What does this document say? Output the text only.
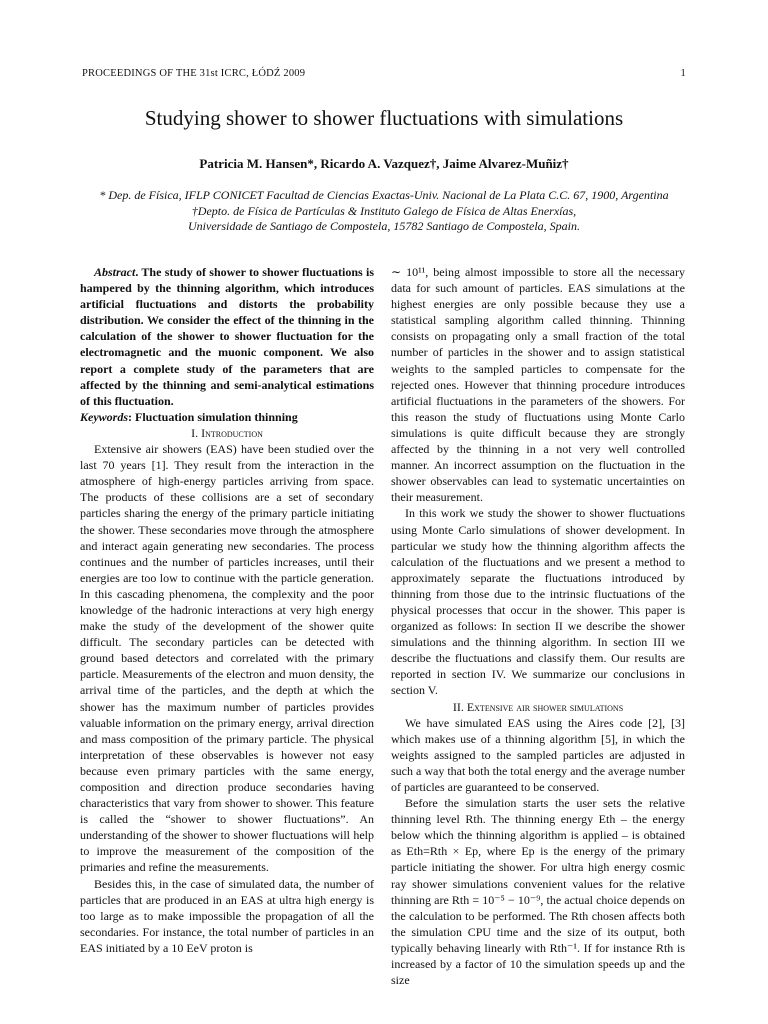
PROCEEDINGS OF THE 31st ICRC, ŁÓDŹ 2009	1
Studying shower to shower fluctuations with simulations
Patricia M. Hansen*, Ricardo A. Vazquez†, Jaime Alvarez-Muñiz†
* Dep. de Física, IFLP CONICET Facultad de Ciencias Exactas-Univ. Nacional de La Plata C.C. 67, 1900, Argentina
†Depto. de Física de Partículas & Instituto Galego de Física de Altas Enerxías,
Universidade de Santiago de Compostela, 15782 Santiago de Compostela, Spain.

Abstract. The study of shower to shower fluctuations is hampered by the thinning algorithm, which introduces artificial fluctuations and distorts the probability distribution. We consider the effect of the thinning in the calculation of the shower to shower fluctuation for the electromagnetic and the muonic component. We also report a complete study of the parameters that are affected by the thinning and semi-analytical estimations of this fluctuation.

Keywords: Fluctuation simulation thinning

I. Introduction

Extensive air showers (EAS) have been studied over the last 70 years [1]. They result from the interaction in the atmosphere of high-energy particles arriving from space. The products of these collisions are a set of secondary particles sharing the energy of the primary particle initiating the shower. These secondaries move through the atmosphere and interact again generating new secondaries. The process continues and the number of particles increases, until their energies are too low to continue with the particle generation. In this cascading phenomena, the complexity and the poor knowledge of the hadronic interactions at very high energy make the study of the development of the shower quite difficult. The secondary particles can be detected with ground based detectors and correlated with the primary particle. Measurements of the electron and muon density, the arrival time of the particles, and the depth at which the shower has the maximum number of particles provides valuable information on the primary energy, arrival direction and mass composition of the primary particle. The physical interpretation of these observables is however not easy because even primary particles with the same energy, composition and direction produce secondaries having characteristics that vary from shower to shower. This feature is called the “shower to shower fluctuations”. An understanding of the shower to shower fluctuations will help to improve the measurement of the composition of the primaries and refine the measurements.

Besides this, in the case of simulated data, the number of particles that are produced in an EAS at ultra high energy is too large as to make impossible the propagation of all the secondaries. For instance, the total number of particles in an EAS initiated by a 10 EeV proton is

∼ 10¹¹, being almost impossible to store all the necessary data for such amount of particles. EAS simulations at the highest energies are only possible because they use a statistical sampling algorithm called thinning. Thinning consists on propagating only a small fraction of the total number of particles in the shower and to assign statistical weights to the sampled particles to compensate for the rejected ones. However that thinning procedure introduces artificial fluctuations in the parameters of the showers. For this reason the study of fluctuations using Monte Carlo simulations is quite difficult because they are strongly affected by the thinning in a not very well controlled manner. An incorrect assumption on the fluctuation in the shower observables can lead to systematic uncertainties on their measurement.

In this work we study the shower to shower fluctuations using Monte Carlo simulations of shower development. In particular we study how the thinning algorithm affects the calculation of the fluctuations and we present a method to approximately separate the fluctuations introduced by thinning from those due to the intrinsic fluctuations of the physical processes that occur in the shower. This paper is organized as follows: In section II we describe the shower simulations and the thinning algorithm. In section III we describe the fluctuations and classify them. Our results are reported in section IV. We summarize our conclusions in section V.

II. Extensive air shower simulations

We have simulated EAS using the Aires code [2], [3] which makes use of a thinning algorithm [5], in which the weights assigned to the sampled particles are adjusted in such a way that both the total energy and the average number of particles are guaranteed to be conserved.

Before the simulation starts the user sets the relative thinning level Rth. The thinning energy Eth – the energy below which the thinning algorithm is applied – is obtained as Eth=Rth × Ep, where Ep is the energy of the primary particle initiating the shower. For ultra high energy cosmic ray shower simulations convenient values for the relative thinning are Rth = 10⁻⁵ − 10⁻⁹, the actual choice depends on the calculation to be performed. The Rth chosen affects both the simulation CPU time and the size of its output, both typically behaving linearly with Rth⁻¹. If for instance Rth is increased by a factor of 10 the simulation speeds up and the size
